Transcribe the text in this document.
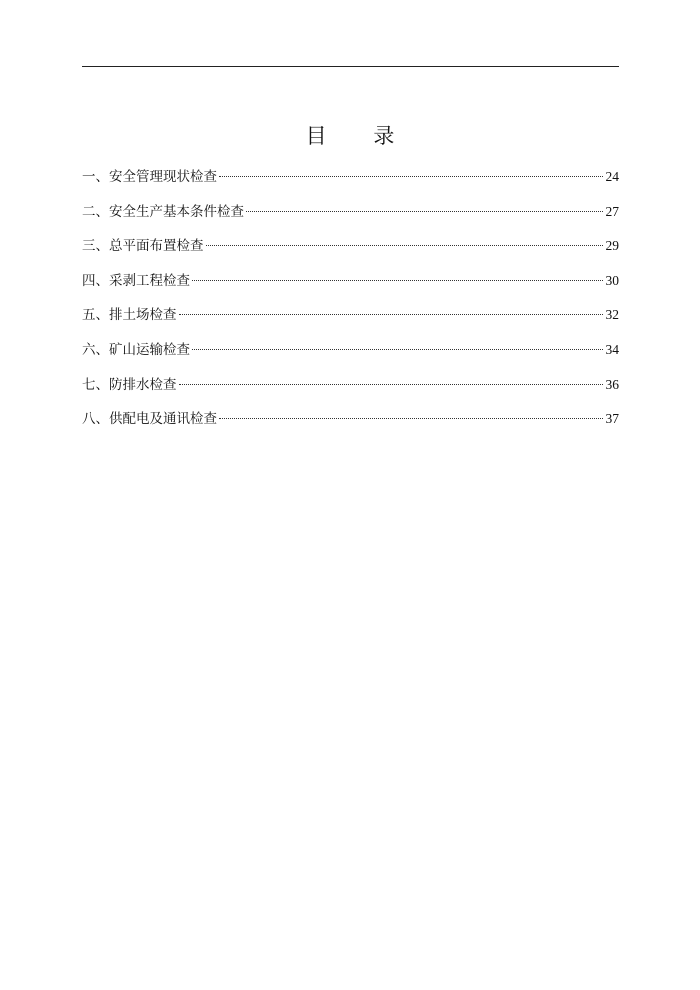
目 录
一、安全管理现状检查	24
二、安全生产基本条件检查	27
三、总平面布置检查	29
四、采剥工程检查	30
五、排土场检查	32
六、矿山运输检查	34
七、防排水检查	36
八、供配电及通讯检查	37
